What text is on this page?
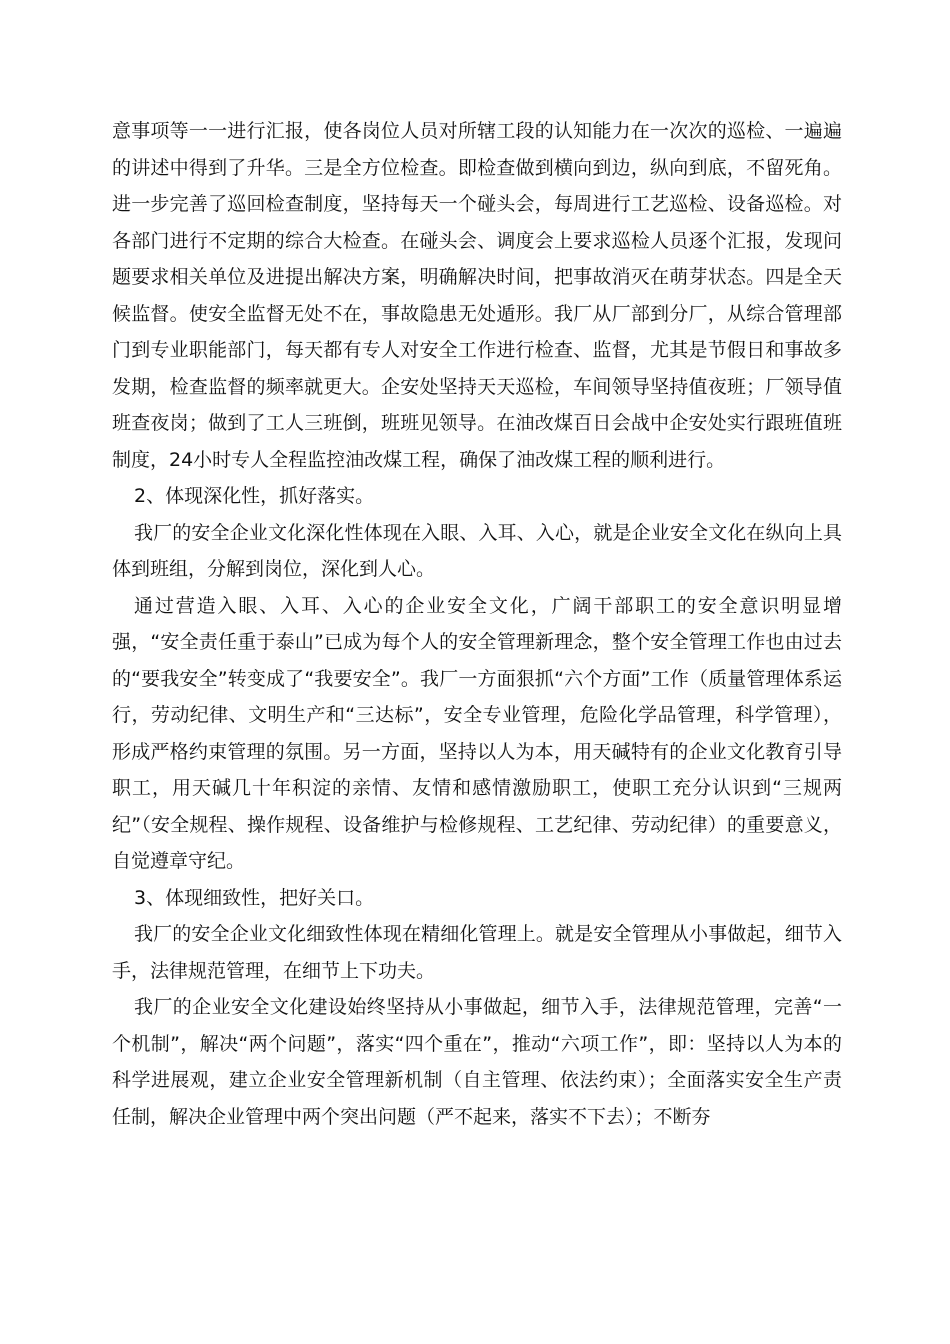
意事项等一一进行汇报，使各岗位人员对所辖工段的认知能力在一次次的巡检、一遍遍的讲述中得到了升华。三是全方位检查。即检查做到横向到边，纵向到底，不留死角。进一步完善了巡回检查制度，坚持每天一个碰头会，每周进行工艺巡检、设备巡检。对各部门进行不定期的综合大检查。在碰头会、调度会上要求巡检人员逐个汇报，发现问题要求相关单位及进提出解决方案，明确解决时间，把事故消灭在萌芽状态。四是全天候监督。使安全监督无处不在，事故隐患无处遁形。我厂从厂部到分厂，从综合管理部门到专业职能部门，每天都有专人对安全工作进行检查、监督，尤其是节假日和事故多发期，检查监督的频率就更大。企安处坚持天天巡检，车间领导坚持值夜班；厂领导值班查夜岗；做到了工人三班倒，班班见领导。在油改煤百日会战中企安处实行跟班值班制度，24小时专人全程监控油改煤工程，确保了油改煤工程的顺利进行。

2、体现深化性，抓好落实。

我厂的安全企业文化深化性体现在入眼、入耳、入心，就是企业安全文化在纵向上具体到班组，分解到岗位，深化到人心。

通过营造入眼、入耳、入心的企业安全文化，广阔干部职工的安全意识明显增强，“安全责任重于泰山”已成为每个人的安全管理新理念，整个安全管理工作也由过去的“要我安全”转变成了“我要安全”。我厂一方面狠抓“六个方面”工作（质量管理体系运行，劳动纪律、文明生产和“三达标”，安全专业管理，危险化学品管理，科学管理），形成严格约束管理的氛围。另一方面，坚持以人为本，用天碱特有的企业文化教育引导职工，用天碱几十年积淀的亲情、友情和感情激励职工，使职工充分认识到“三规两纪”（安全规程、操作规程、设备维护与检修规程、工艺纪律、劳动纪律）的重要意义，自觉遵章守纪。

3、体现细致性，把好关口。

我厂的安全企业文化细致性体现在精细化管理上。就是安全管理从小事做起，细节入手，法律规范管理，在细节上下功夫。

我厂的企业安全文化建设始终坚持从小事做起，细节入手，法律规范管理，完善“一个机制”，解决“两个问题”，落实“四个重在”，推动“六项工作”，即：坚持以人为本的科学进展观，建立企业安全管理新机制（自主管理、依法约束）；全面落实安全生产责任制，解决企业管理中两个突出问题（严不起来，落实不下去）；不断夯
